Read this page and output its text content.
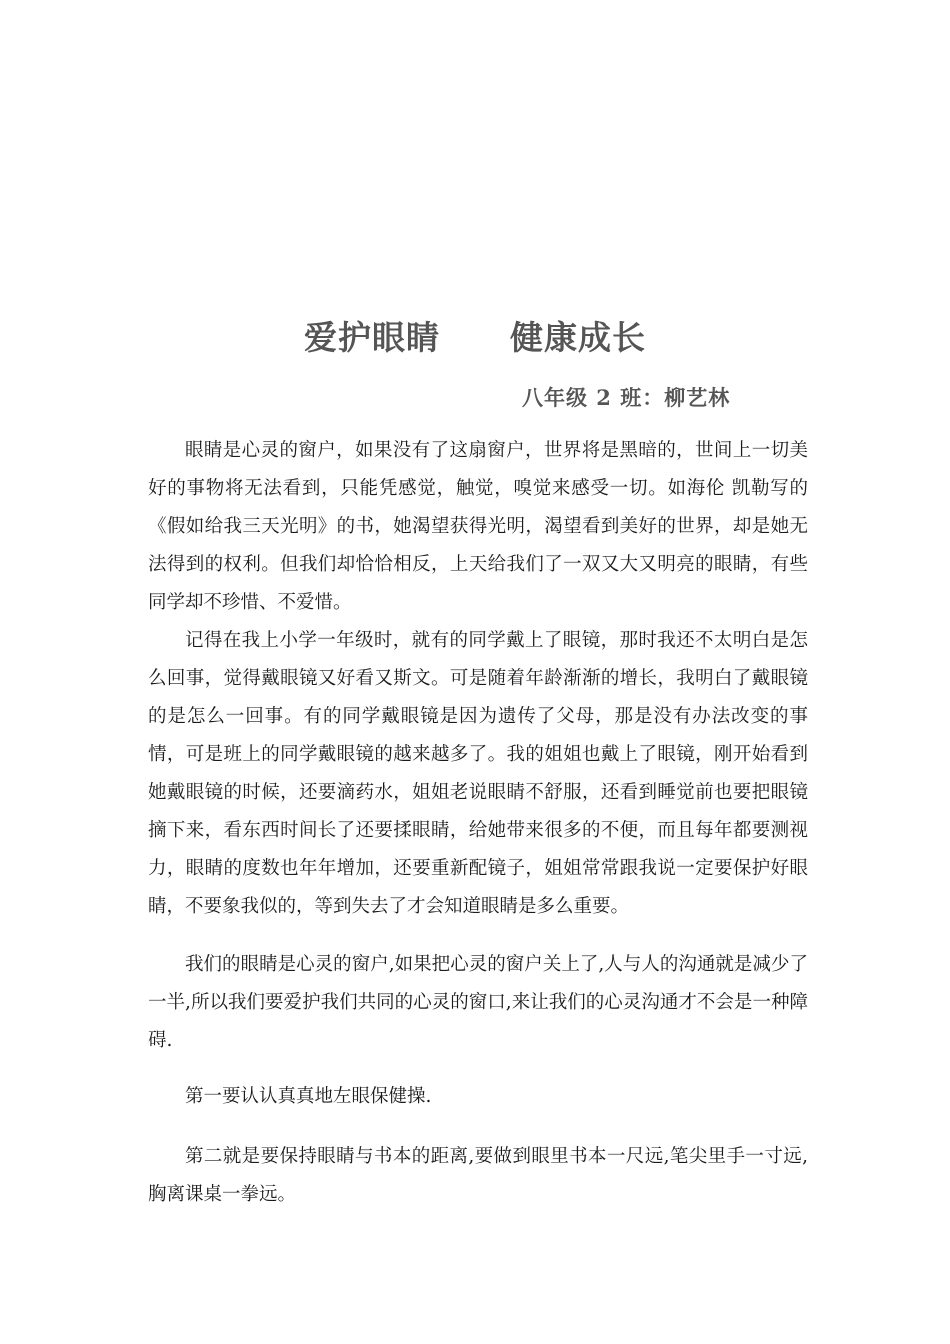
爱护眼睛 健康成长
八年级 2 班：柳艺林

眼睛是心灵的窗户，如果没有了这扇窗户，世界将是黑暗的，世间上一切美好的事物将无法看到，只能凭感觉，触觉，嗅觉来感受一切。如海伦 凯勒写的《假如给我三天光明》的书，她渴望获得光明，渴望看到美好的世界，却是她无法得到的权利。但我们却恰恰相反，上天给我们了一双又大又明亮的眼睛，有些同学却不珍惜、不爱惜。

记得在我上小学一年级时，就有的同学戴上了眼镜，那时我还不太明白是怎么回事，觉得戴眼镜又好看又斯文。可是随着年龄渐渐的增长，我明白了戴眼镜的是怎么一回事。有的同学戴眼镜是因为遗传了父母，那是没有办法改变的事情，可是班上的同学戴眼镜的越来越多了。我的姐姐也戴上了眼镜，刚开始看到她戴眼镜的时候，还要滴药水，姐姐老说眼睛不舒服，还看到睡觉前也要把眼镜摘下来，看东西时间长了还要揉眼睛，给她带来很多的不便，而且每年都要测视力，眼睛的度数也年年增加，还要重新配镜子，姐姐常常跟我说一定要保护好眼睛，不要象我似的，等到失去了才会知道眼睛是多么重要。

我们的眼睛是心灵的窗户,如果把心灵的窗户关上了,人与人的沟通就是减少了一半,所以我们要爱护我们共同的心灵的窗口,来让我们的心灵沟通才不会是一种障碍.

第一要认认真真地左眼保健操.

第二就是要保持眼睛与书本的距离,要做到眼里书本一尺远,笔尖里手一寸远,胸离课桌一拳远。
